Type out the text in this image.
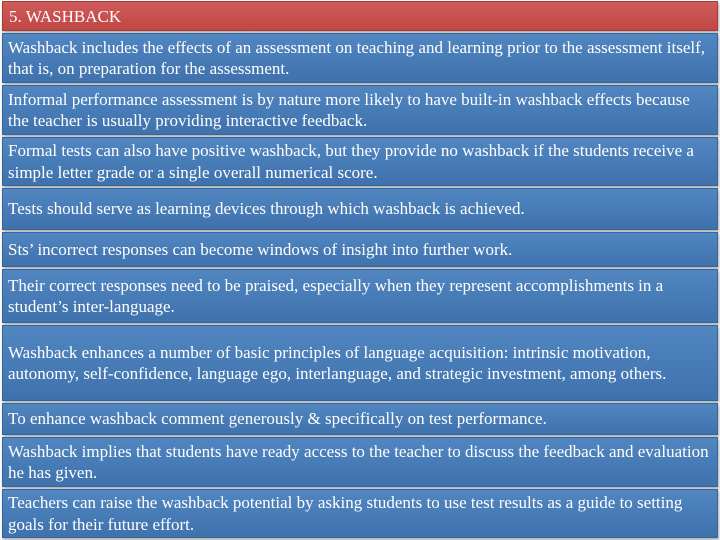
5. WASHBACK
Washback includes the effects of an assessment on teaching and learning prior to the assessment itself, that is, on preparation for the assessment.
Informal performance assessment is by nature more likely to have built-in washback effects because the teacher is usually providing interactive feedback.
Formal tests can also have positive washback, but they provide no washback if the students receive a simple letter grade or a single overall numerical score.
Tests should serve as learning devices through which washback is achieved.
Sts’ incorrect responses can become windows of insight into further work.
Their correct responses need to be praised, especially when they represent accomplishments in a student’s inter-language.
Washback enhances a number of basic principles of language acquisition: intrinsic motivation, autonomy, self-confidence, language ego, interlanguage, and strategic investment, among others.
To enhance washback comment generously & specifically on test performance.
Washback implies that students have ready access to the teacher to discuss the feedback and evaluation he has given.
Teachers can raise the washback potential by asking students to use test results as a guide to setting goals for their future effort.
